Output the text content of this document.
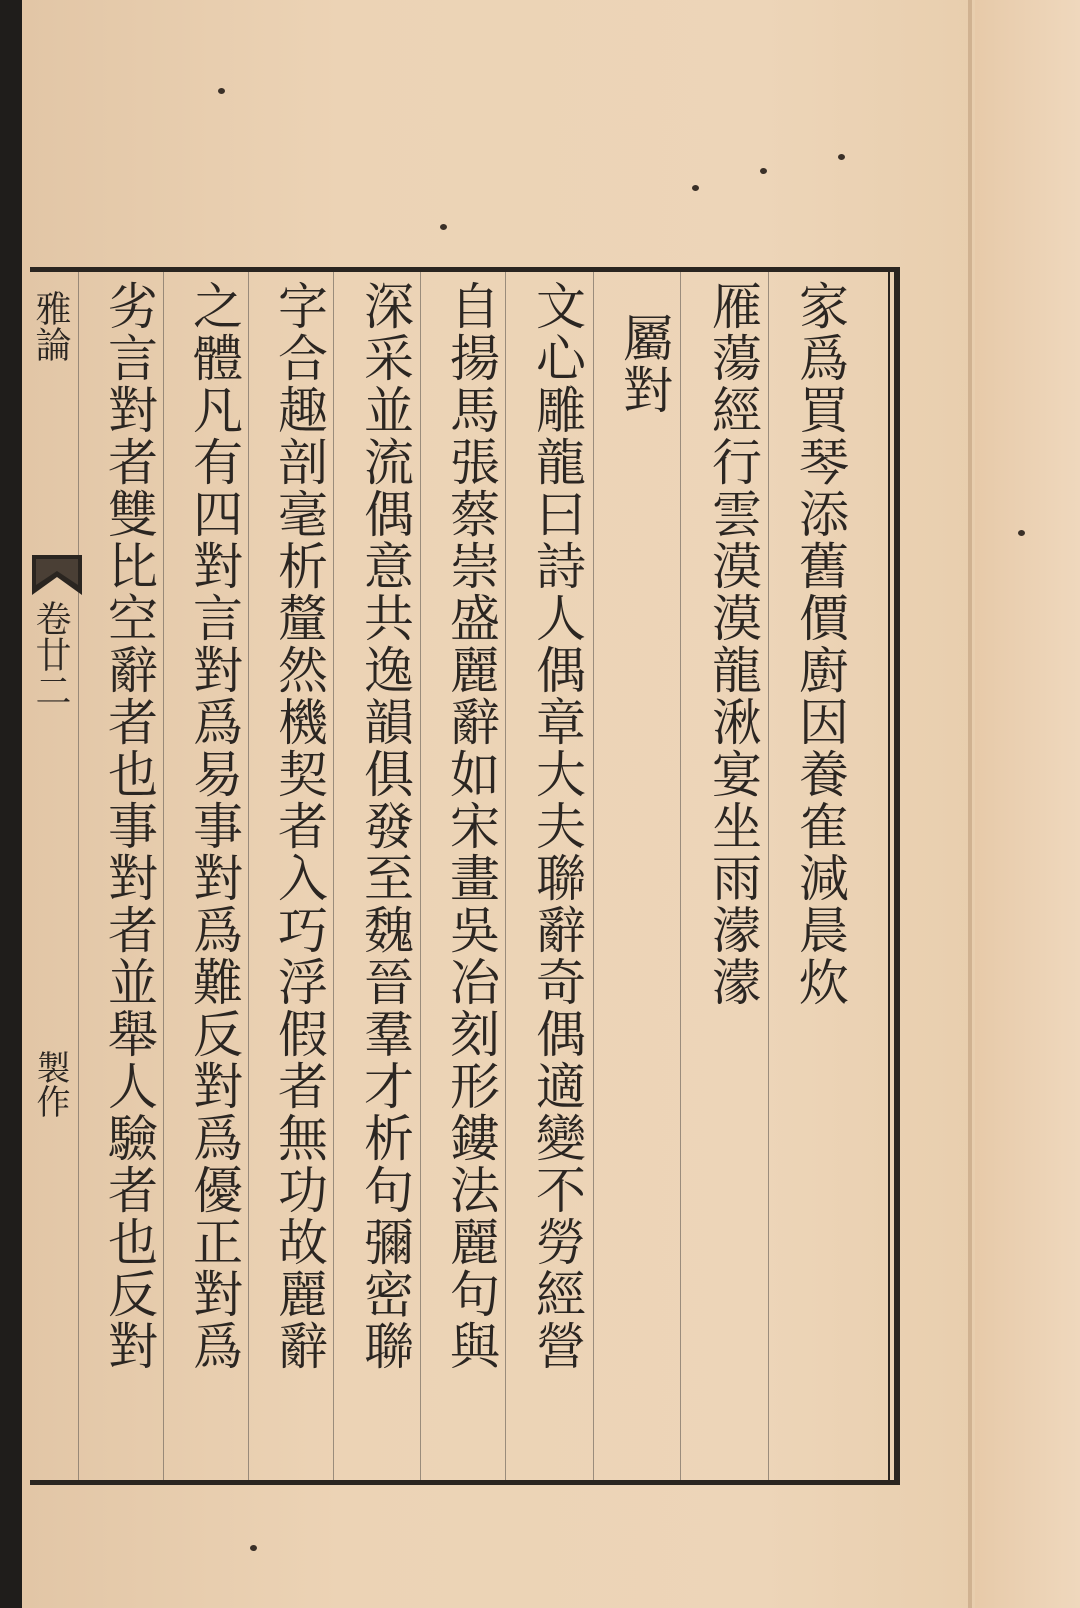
雅論
卷廿二
製作
家爲買琴添舊價廚因養隺減晨炊
雁蕩經行雲漠漠龍湫宴坐雨濛濛
屬對
文心雕龍曰詩人偶章大夫聯辭奇偶適變不勞經營
自揚馬張蔡崇盛麗辭如宋畫吳冶刻形鏤法麗句與
深采並流偶意共逸韻俱發至魏晉羣才析句彌密聯
字合趣剖毫析釐然機契者入巧浮假者無功故麗辭
之體凡有四對言對爲易事對爲難反對爲優正對爲
劣言對者雙比空辭者也事對者並舉人驗者也反對
